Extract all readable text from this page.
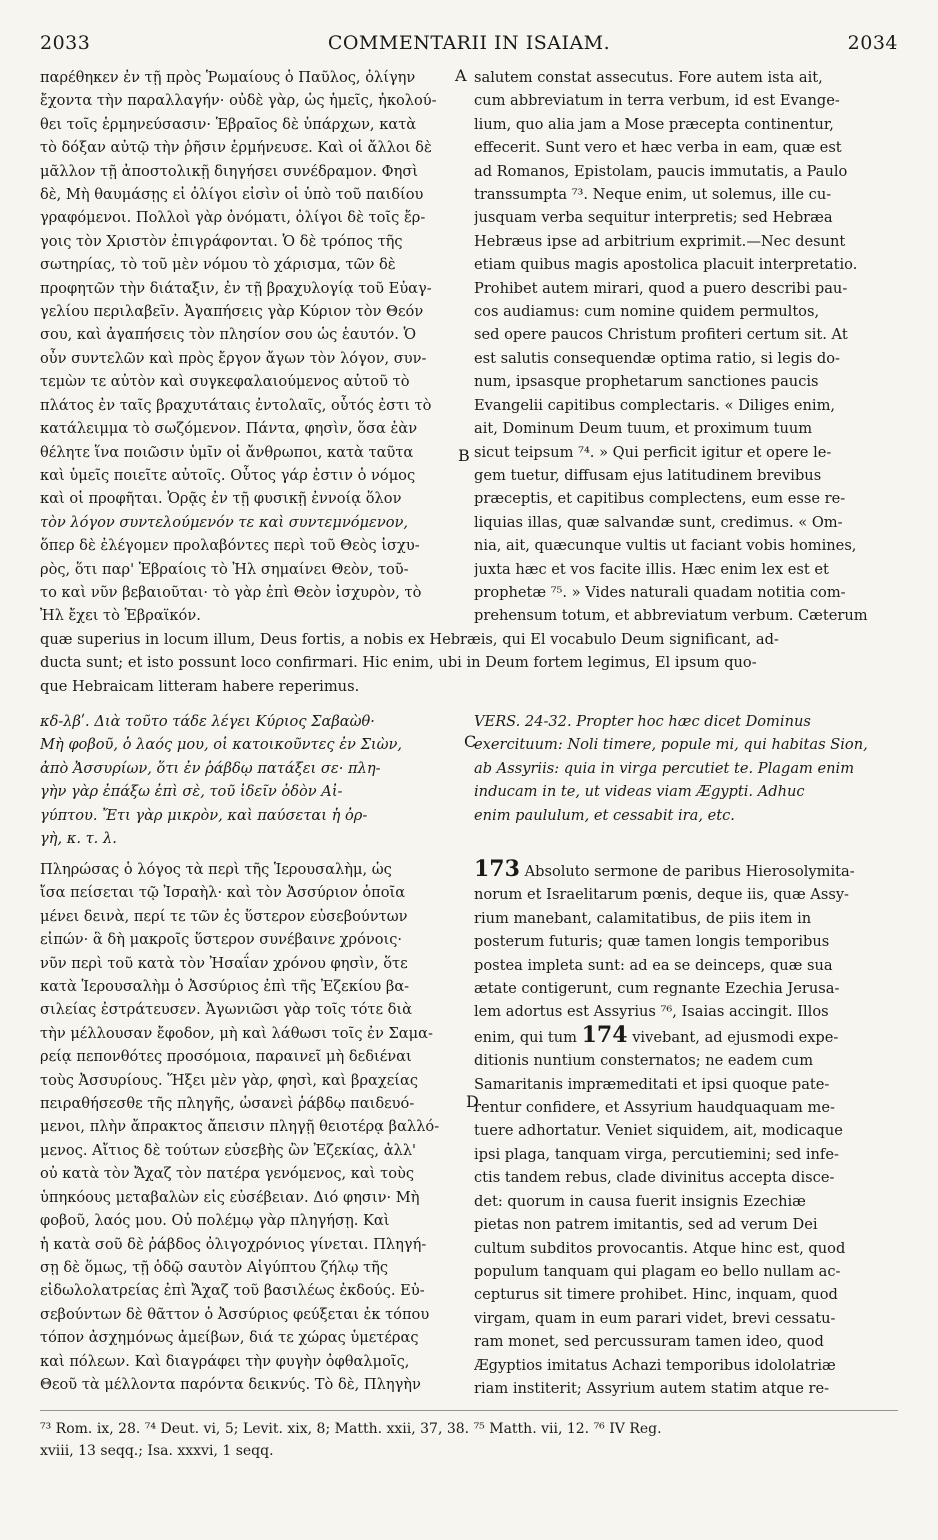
2033	COMMENTARII IN ISAIAM.	2034
παρέθηκεν ἐν τῇ πρὸς Ῥωμαίους ὁ Παῦλος, ὀλίγην
ἔχοντα τὴν παραλλαγήν· οὐδὲ γὰρ, ὡς ἡμεῖς, ἠκολού-
θει τοῖς ἑρμηνεύσασιν· Ἑβραῖος δὲ ὑπάρχων, κατὰ
τὸ δόξαν αὐτῷ τὴν ῥῆσιν ἑρμήνευσε. Καὶ οἱ ἄλλοι δὲ
μᾶλλον τῇ ἀποστολικῇ διηγήσει συνέδραμον. Φησὶ
δὲ, Μὴ θαυμάσῃς εἰ ὀλίγοι εἰσὶν οἱ ὑπὸ τοῦ παιδίου
γραφόμενοι. Πολλοὶ γὰρ ὀνόματι, ὀλίγοι δὲ τοῖς ἔρ-
γοις τὸν Χριστὸν ἐπιγράφονται. Ὁ δὲ τρόπος τῆς
σωτηρίας, τὸ τοῦ μὲν νόμου τὸ χάρισμα, τῶν δὲ
προφητῶν τὴν διάταξιν, ἐν τῇ βραχυλογίᾳ τοῦ Εὐαγ-
γελίου περιλαβεῖν. Ἀγαπήσεις γὰρ Κύριον τὸν Θεόν
σου, καὶ ἀγαπήσεις τὸν πλησίον σου ὡς ἑαυτόν. Ὁ
οὖν συντελῶν καὶ πρὸς ἔργον ἄγων τὸν λόγον, συν-
τεμὼν τε αὐτὸν καὶ συγκεφαλαιούμενος αὐτοῦ τὸ
πλάτος ἐν ταῖς βραχυτάταις ἐντολαῖς, οὗτός ἐστι τὸ
κατάλειμμα τὸ σωζόμενον. Πάντα, φησὶν, ὅσα ἐὰν
θέλητε ἵνα ποιῶσιν ὑμῖν οἱ ἄνθρωποι, κατὰ ταῦτα
καὶ ὑμεῖς ποιεῖτε αὐτοῖς. Οὗτος γάρ ἐστιν ὁ νόμος
καὶ οἱ προφῆται. Ὁρᾷς ἐν τῇ φυσικῇ ἐννοίᾳ ὅλον
τὸν λόγον συντελούμενόν τε καὶ συντεμνόμενον,
ὅπερ δὲ ἐλέγομεν προλαβόντες περὶ τοῦ Θεὸς ἰσχυ-
ρὸς, ὅτι παρ' Ἑβραίοις τὸ Ἠλ σημαίνει Θεὸν, τοῦ-
το καὶ νῦν βεβαιοῦται· τὸ γὰρ ἐπὶ Θεὸν ἰσχυρὸν, τὸ
Ἠλ ἔχει τὸ Ἑβραϊκόν.
salutem constat assecutus. Fore autem ista ait,
cum abbreviatum in terra verbum, id est Evange-
lium, quo alia jam a Mose præcepta continentur,
effecerit. Sunt vero et hæc verba in eam, quæ est
ad Romanos, Epistolam, paucis immutatis, a Paulo
transsumpta ⁷³. Neque enim, ut solemus, ille cu-
jusquam verba sequitur interpretis; sed Hebræa
Hebræus ipse ad arbitrium exprimit.—Nec desunt
etiam quibus magis apostolica placuit interpretatio.
Prohibet autem mirari, quod a puero describi pau-
cos audiamus: cum nomine quidem permultos,
sed opere paucos Christum profiteri certum sit. At
est salutis consequendæ optima ratio, si legis do-
num, ipsasque prophetarum sanctiones paucis
Evangelii capitibus complectaris. « Diliges enim,
ait, Dominum Deum tuum, et proximum tuum
sicut teipsum ⁷⁴. » Qui perficit igitur et opere le-
gem tuetur, diffusam ejus latitudinem brevibus
præceptis, et capitibus complectens, eum esse re-
liquias illas, quæ salvandæ sunt, credimus. « Om-
nia, ait, quæcunque vultis ut faciant vobis homines,
juxta hæc et vos facite illis. Hæc enim lex est et
prophetæ ⁷⁵. » Vides naturali quadam notitia com-
prehensum totum, et abbreviatum verbum. Cæterum
quæ superius in locum illum, Deus fortis, a nobis ex Hebræis, qui El vocabulo Deum significant, ad-
ducta sunt; et isto possunt loco confirmari. Hic enim, ubi in Deum fortem legimus, El ipsum quo-
que Hebraicam litteram habere reperimus.
κδ-λβʹ. Διὰ τοῦτο τάδε λέγει Κύριος Σαβαὼθ·
Μὴ φοβοῦ, ὁ λαός μου, οἱ κατοικοῦντες ἐν Σιὼν,
ἀπὸ Ἀσσυρίων, ὅτι ἐν ῥάβδῳ πατάξει σε· πλη-
γὴν γὰρ ἐπάξω ἐπὶ σὲ, τοῦ ἰδεῖν ὁδὸν Αἰ-
γύπτου. Ἔτι γὰρ μικρὸν, καὶ παύσεται ἡ ὀρ-
γὴ, κ. τ. λ.
VERS. 24-32. Propter hoc hæc dicet Dominus
exercituum: Noli timere, popule mi, qui habitas Sion,
ab Assyriis: quia in virga percutiet te. Plagam enim
inducam in te, ut videas viam Ægypti. Adhuc
enim paululum, et cessabit ira, etc.
Πληρώσας ὁ λόγος τὰ περὶ τῆς Ἱερουσαλὴμ, ὡς
ἴσα πείσεται τῷ Ἰσραὴλ· καὶ τὸν Ἀσσύριον ὁποῖα
μένει δεινὰ, περί τε τῶν ἐς ὕστερον εὐσεβούντων
εἰπών· ἃ δὴ μακροῖς ὕστερον συνέβαινε χρόνοις·
νῦν περὶ τοῦ κατὰ τὸν Ἠσαΐαν χρόνου φησὶν, ὅτε
κατὰ Ἱερουσαλὴμ ὁ Ἀσσύριος ἐπὶ τῆς Ἐζεκίου βα-
σιλείας ἐστράτευσεν. Ἀγωνιῶσι γὰρ τοῖς τότε διὰ
τὴν μέλλουσαν ἔφοδον, μὴ καὶ λάθωσι τοῖς ἐν Σαμα-
ρείᾳ πεπονθότες προσόμοια, παραινεῖ μὴ δεδιέναι
τοὺς Ἀσσυρίους. Ἥξει μὲν γὰρ, φησὶ, καὶ βραχείας
πειραθήσεσθε τῆς πληγῆς, ὡσανεὶ ῥάβδῳ παιδευό-
μενοι, πλὴν ἄπρακτος ἄπεισιν πληγῇ θειοτέρᾳ βαλλό-
μενος. Αἴτιος δὲ τούτων εὐσεβὴς ὢν Ἐζεκίας, ἀλλ'
οὐ κατὰ τὸν Ἄχαζ τὸν πατέρα γενόμενος, καὶ τοὺς
ὑπηκόους μεταβαλὼν εἰς εὐσέβειαν. Διό φησιν· Μὴ
φοβοῦ, λαός μου. Οὐ πολέμῳ γὰρ πληγήσῃ. Καὶ
ἡ κατὰ σοῦ δὲ ῥάβδος ὀλιγοχρόνιος γίνεται. Πληγή-
σῃ δὲ ὅμως, τῇ ὁδῷ σαυτὸν Αἰγύπτου ζήλῳ τῆς
εἰδωλολατρείας ἐπὶ Ἄχαζ τοῦ βασιλέως ἐκδούς. Εὐ-
σεβούντων δὲ θᾶττον ὁ Ἀσσύριος φεύξεται ἐκ τόπου
τόπον ἀσχημόνως ἀμείβων, διά τε χώρας ὑμετέρας
καὶ πόλεων. Καὶ διαγράφει τὴν φυγὴν ὀφθαλμοῖς,
Θεοῦ τὰ μέλλοντα παρόντα δεικνύς. Τὸ δὲ, Πληγὴν
173 Absoluto sermone de paribus Hierosolymita-
norum et Israelitarum pœnis, deque iis, quæ Assy-
rium manebant, calamitatibus, de piis item in
posterum futuris; quæ tamen longis temporibus
postea impleta sunt: ad ea se deinceps, quæ sua
ætate contigerunt, cum regnante Ezechia Jerusa-
lem adortus est Assyrius ⁷⁶, Isaias accingit. Illos
enim, qui tum 174 vivebant, ad ejusmodi expe-
ditionis nuntium consternatos; ne eadem cum
Samaritanis impræmeditati et ipsi quoque pate-
rentur confidere, et Assyrium haudquaquam me-
tuere adhortatur. Veniet siquidem, ait, modicaque
ipsi plaga, tanquam virga, percutiemini; sed infe-
ctis tandem rebus, clade divinitus accepta disce-
det: quorum in causa fuerit insignis Ezechiæ
pietas non patrem imitantis, sed ad verum Dei
cultum subditos provocantis. Atque hinc est, quod
populum tanquam qui plagam eo bello nullam ac-
cepturus sit timere prohibet. Hinc, inquam, quod
virgam, quam in eum parari videt, brevi cessatu-
ram monet, sed percussuram tamen ideo, quod
Ægyptios imitatus Achazi temporibus idololatriæ
riam institerit; Assyrium autem statim atque re-
A
B
C
D
⁷³ Rom. ix, 28. ⁷⁴ Deut. vi, 5; Levit. xix, 8; Matth. xxii, 37, 38. ⁷⁵ Matth. vii, 12. ⁷⁶ IV Reg.
xviii, 13 seqq.; Isa. xxxvi, 1 seqq.
